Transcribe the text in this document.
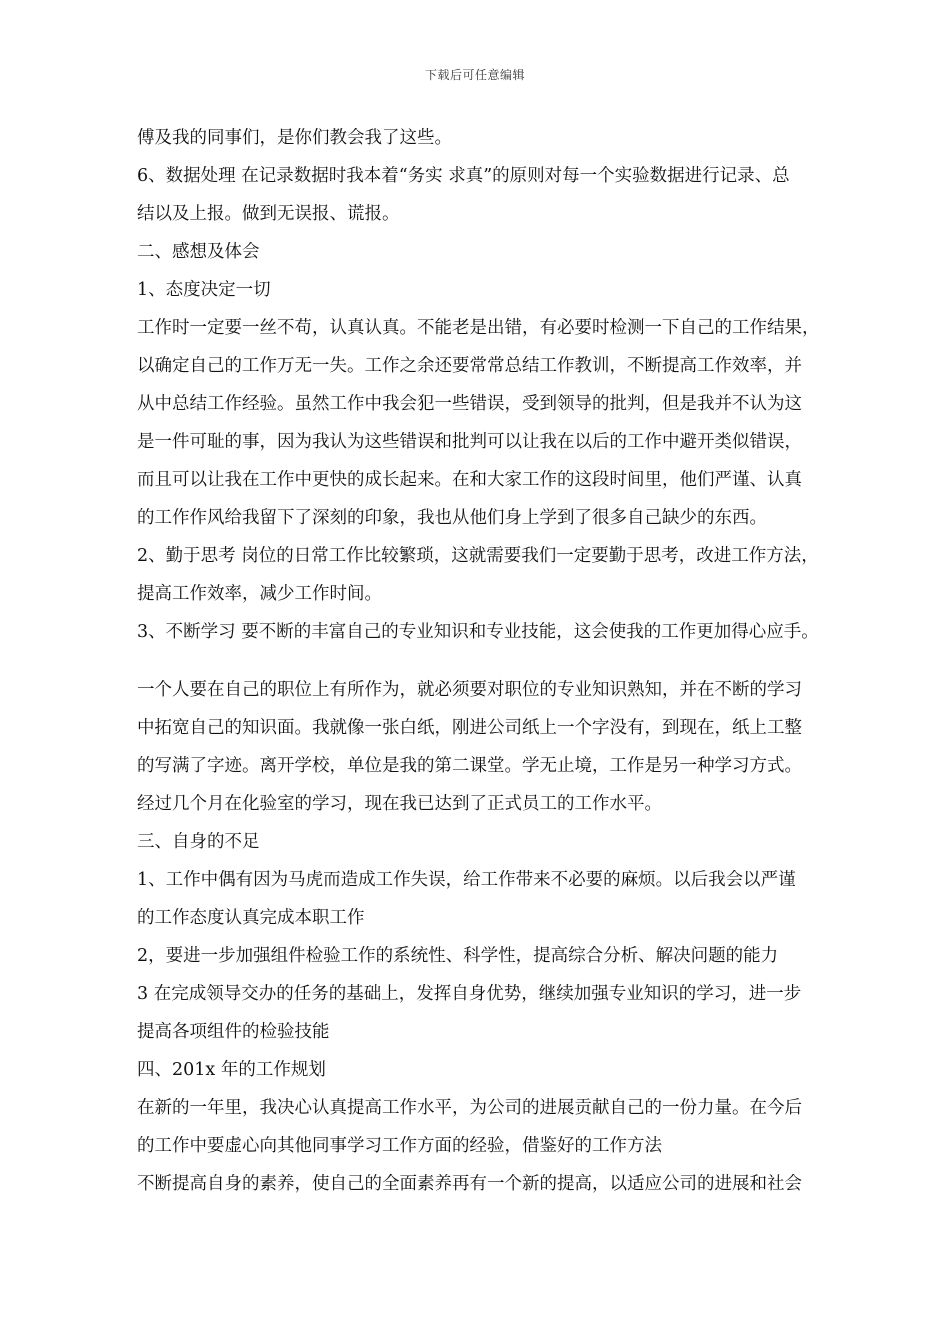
下载后可任意编辑
傅及我的同事们，是你们教会我了这些。
6、数据处理 在记录数据时我本着“务实 求真”的原则对每一个实验数据进行记录、总
结以及上报。做到无误报、谎报。
二、感想及体会
1、态度决定一切
工作时一定要一丝不苟，认真认真。不能老是出错，有必要时检测一下自己的工作结果，
以确定自己的工作万无一失。工作之余还要常常总结工作教训，不断提高工作效率，并
从中总结工作经验。虽然工作中我会犯一些错误，受到领导的批判，但是我并不认为这
是一件可耻的事，因为我认为这些错误和批判可以让我在以后的工作中避开类似错误，
而且可以让我在工作中更快的成长起来。在和大家工作的这段时间里，他们严谨、认真
的工作作风给我留下了深刻的印象，我也从他们身上学到了很多自己缺少的东西。
2、勤于思考 岗位的日常工作比较繁琐，这就需要我们一定要勤于思考，改进工作方法，
提高工作效率，减少工作时间。
3、不断学习 要不断的丰富自己的专业知识和专业技能，这会使我的工作更加得心应手。
一个人要在自己的职位上有所作为，就必须要对职位的专业知识熟知，并在不断的学习
中拓宽自己的知识面。我就像一张白纸，刚进公司纸上一个字没有，到现在，纸上工整
的写满了字迹。离开学校，单位是我的第二课堂。学无止境，工作是另一种学习方式。
经过几个月在化验室的学习，现在我已达到了正式员工的工作水平。
三、自身的不足
1、工作中偶有因为马虎而造成工作失误，给工作带来不必要的麻烦。以后我会以严谨
的工作态度认真完成本职工作
2，要进一步加强组件检验工作的系统性、科学性，提高综合分析、解决问题的能力
3 在完成领导交办的任务的基础上，发挥自身优势，继续加强专业知识的学习，进一步
提高各项组件的检验技能
四、201x 年的工作规划
在新的一年里，我决心认真提高工作水平，为公司的进展贡献自己的一份力量。在今后
的工作中要虚心向其他同事学习工作方面的经验，借鉴好的工作方法
不断提高自身的素养，使自己的全面素养再有一个新的提高，以适应公司的进展和社会
